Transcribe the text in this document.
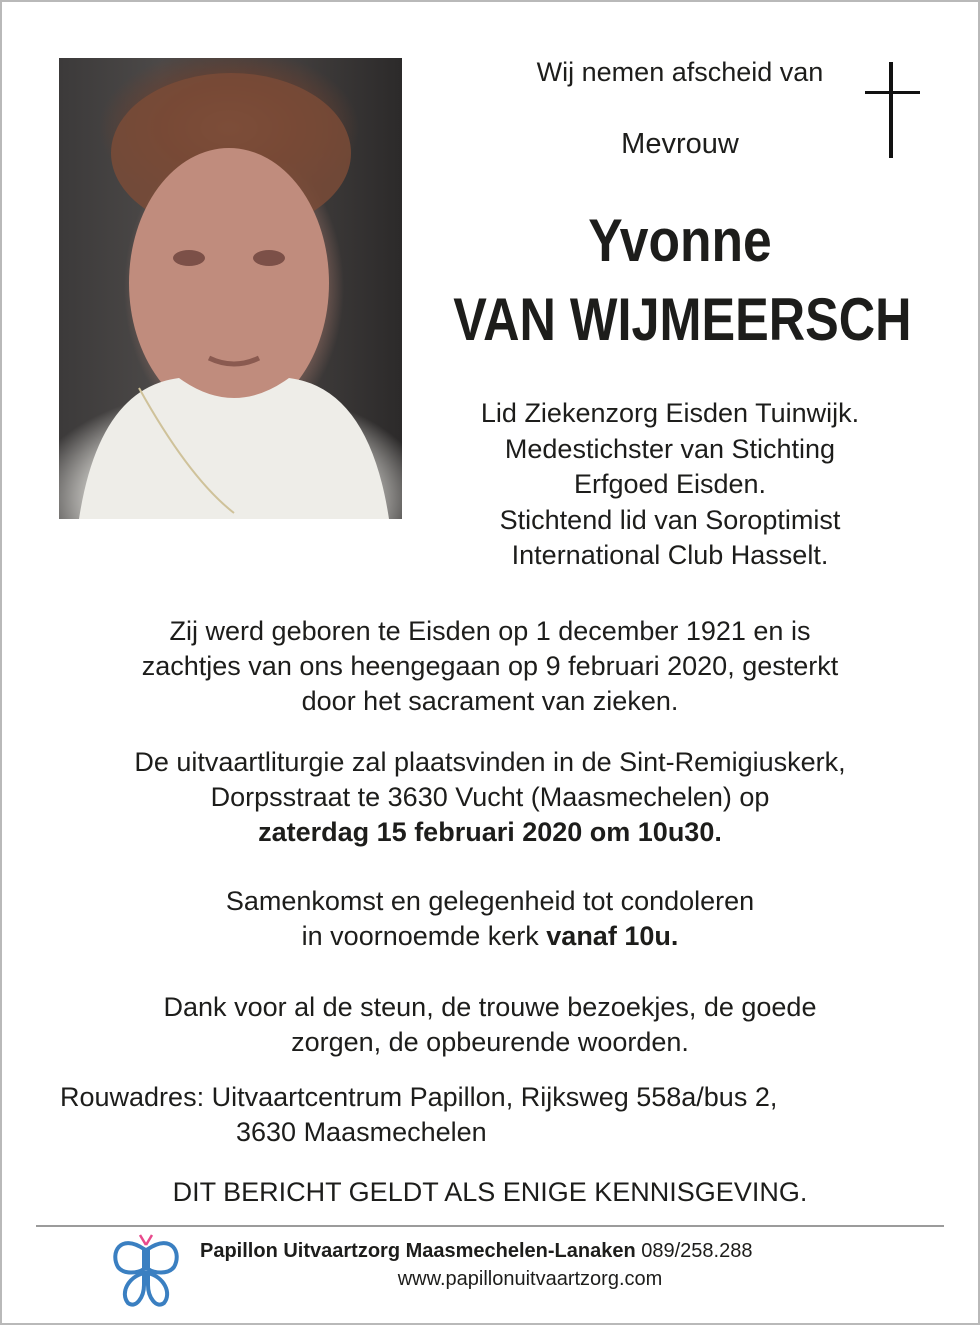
Wij nemen afscheid van
Mevrouw
Yvonne
VAN WIJMEERSCH
Lid Ziekenzorg Eisden Tuinwijk.
Medestichster van Stichting
Erfgoed Eisden.
Stichtend lid van Soroptimist
International Club Hasselt.
Zij werd geboren te Eisden op 1 december 1921 en is
zachtjes van ons heengegaan op 9 februari 2020, gesterkt
door het sacrament van zieken.
De uitvaartliturgie zal plaatsvinden in de Sint-Remigiuskerk,
Dorpsstraat te 3630 Vucht (Maasmechelen) op
zaterdag 15 februari 2020 om 10u30.
Samenkomst en gelegenheid tot condoleren
in voornoemde kerk vanaf 10u.
Dank voor al de steun, de trouwe bezoekjes, de goede
zorgen, de opbeurende woorden.
Rouwadres: Uitvaartcentrum Papillon, Rijksweg 558a/bus 2,
3630 Maasmechelen
DIT BERICHT GELDT ALS ENIGE KENNISGEVING.
Papillon Uitvaartzorg Maasmechelen-Lanaken 089/258.288
www.papillonuitvaartzorg.com
